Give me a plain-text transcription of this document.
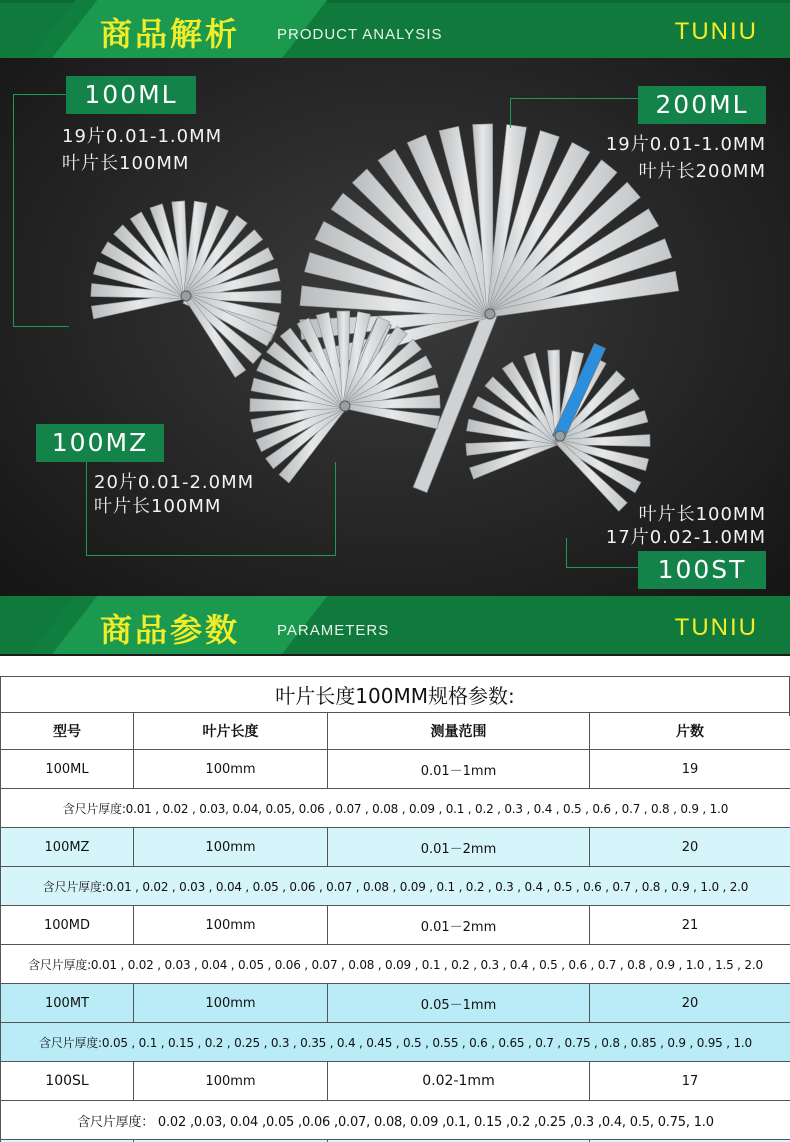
商品解析 PRODUCT ANALYSIS	TUNIU
100ML
19片0.01-1.0MM
叶片长100MM
200ML
19片0.01-1.0MM
叶片长200MM
100MZ
20片0.01-2.0MM
叶片长100MM	叶片长100MM
17片0.02-1.0MM
100ST
商品参数 PARAMETERS	TUNIU
叶片长度100MM规格参数:
型号	叶片长度	测量范围	片数
100ML	100mm	0.01－1mm	19
含尺片厚度:0.01 , 0.02 , 0.03, 0.04, 0.05, 0.06 , 0.07 , 0.08 , 0.09 , 0.1 , 0.2 , 0.3 , 0.4 , 0.5 , 0.6 , 0.7 , 0.8 , 0.9 , 1.0			
100MZ	100mm	0.01－2mm	20
含尺片厚度:0.01 , 0.02 , 0.03 , 0.04 , 0.05 , 0.06 , 0.07 , 0.08 , 0.09 , 0.1 , 0.2 , 0.3 , 0.4 , 0.5 , 0.6 , 0.7 , 0.8 , 0.9 , 1.0 , 2.0			
100MD	100mm	0.01－2mm	21
含尺片厚度:0.01 , 0.02 , 0.03 , 0.04 , 0.05 , 0.06 , 0.07 , 0.08 , 0.09 , 0.1 , 0.2 , 0.3 , 0.4 , 0.5 , 0.6 , 0.7 , 0.8 , 0.9 , 1.0 , 1.5 , 2.0			
100MT	100mm	0.05－1mm	20
含尺片厚度:0.05 , 0.1 , 0.15 , 0.2 , 0.25 , 0.3 , 0.35 , 0.4 , 0.45 , 0.5 , 0.55 , 0.6 , 0.65 , 0.7 , 0.75 , 0.8 , 0.85 , 0.9 , 0.95 , 1.0			
100SL	100mm	0.02-1mm	17
含尺片厚度： 0.02 ,0.03, 0.04 ,0.05 ,0.06 ,0.07, 0.08, 0.09 ,0.1, 0.15 ,0.2 ,0.25 ,0.3 ,0.4, 0.5, 0.75, 1.0			
